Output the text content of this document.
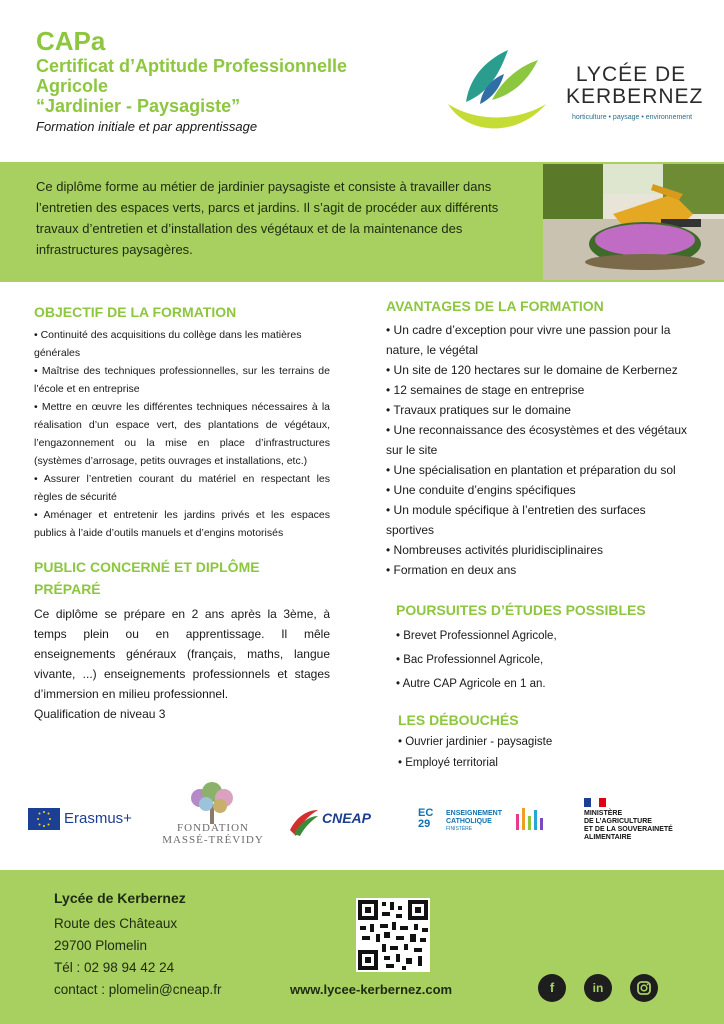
CAPa
Certificat d’Aptitude Professionnelle
Agricole
“Jardinier - Paysagiste”
Formation initiale et par apprentissage
LYCÉE DE
KERBERNEZ
horticulture • paysage • environnement
Ce diplôme forme au métier de jardinier paysagiste et consiste à travailler dans l’entretien des espaces verts, parcs et jardins. Il s’agit de procéder aux différents travaux d’entretien et d’installation des végétaux et de la maintenance des infrastructures paysagères.
OBJECTIF DE LA FORMATION
• Continuité des acquisitions du collège dans les matières
générales
• Maîtrise des techniques professionnelles, sur les terrains de l’école et en entreprise
• Mettre en œuvre les différentes techniques nécessaires à la réalisation d’un espace vert, des plantations de végétaux, l’engazonnement ou la mise en place d’infrastructures (systèmes d’arrosage, petits ouvrages et installations, etc.)
• Assurer l’entretien courant du matériel en respectant les règles de sécurité
• Aménager et entretenir les jardins privés et les espaces publics à l’aide d’outils manuels et d’engins motorisés
PUBLIC CONCERNÉ ET DIPLÔME PRÉPARÉ
Ce diplôme se prépare en 2 ans après la 3ème, à temps plein ou en apprentissage. Il mêle enseignements généraux (français, maths, langue vivante, ...) enseignements professionnels et stages d’immersion en milieu professionnel.
Qualification de niveau 3
AVANTAGES DE LA FORMATION
• Un cadre d’exception pour vivre une passion pour la nature, le végétal
• Un site de 120 hectares sur le domaine de Kerbernez
• 12 semaines de stage en entreprise
• Travaux pratiques sur le domaine
• Une reconnaissance des écosystèmes et des végétaux sur le site
• Une spécialisation en plantation et préparation du sol
• Une conduite d’engins spécifiques
• Un module spécifique à l’entretien des surfaces sportives
• Nombreuses activités pluridisciplinaires
• Formation en deux ans
POURSUITES D’ÉTUDES POSSIBLES
• Brevet Professionnel Agricole,
• Bac Professionnel Agricole,
• Autre CAP Agricole en 1 an.
LES DÉBOUCHÉS
• Ouvrier jardinier - paysagiste
• Employé territorial
Erasmus+
FONDATION
MASSÉ-TRÉVIDY
CNEAP	EC
29
ENSEIGNEMENT
CATHOLIQUE
FINISTÈRE
MINISTÈRE
DE L’AGRICULTURE
ET DE LA SOUVERAINETÉ
ALIMENTAIRE
Lycée de Kerbernez
Route des Châteaux
29700 Plomelin
Tél : 02 98 94 42 24
contact : plomelin@cneap.fr	www.lycee-kerbernez.com	f	in
